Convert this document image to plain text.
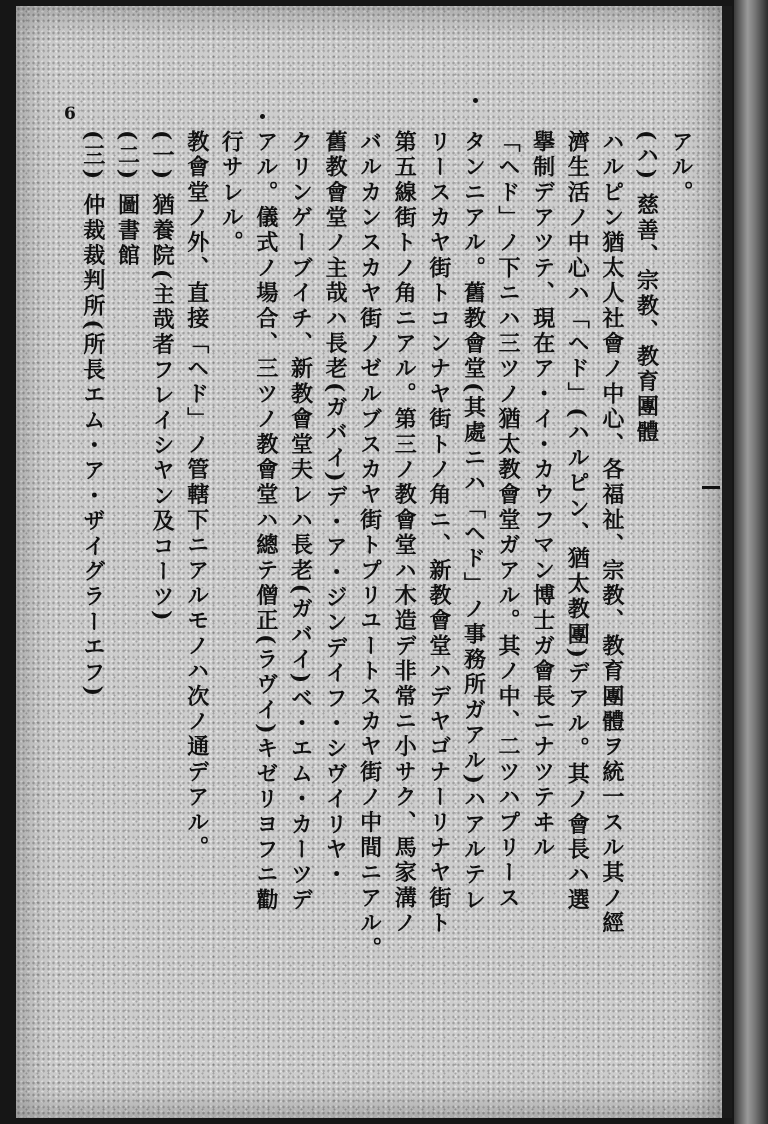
6

アル。

(ハ) 慈善、宗教、教育團體

ハルピン猶太人社會ノ中心、各福祉、宗教、教育團體ヲ統一スル其ノ經

濟生活ノ中心ハ「ヘド」(ハルピン、猶太教團)デアル。其ノ會長ハ選

擧制デアツテ、現在ア・イ・カウフマン博士ガ會長ニナツテヰル

「ヘド」ノ下ニハ三ツノ猶太教會堂ガアル。其ノ中、二ツハプリース

タンニアル。舊教會堂(其處ニハ「ヘド」ノ事務所ガアル)ハアルテレ

リースカヤ街トコンナヤ街トノ角ニ、新教會堂ハデヤゴナーリナヤ街ト

第五線街トノ角ニアル。第三ノ教會堂ハ木造デ非常ニ小サク、馬家溝ノ

バルカンスカヤ街ノゼルブスカヤ街トプリユートスカヤ街ノ中間ニアル。

舊教會堂ノ主哉ハ長老(ガバイ)デ・ア・ジンデイフ・シヴイリヤ・

クリンゲーブイチ、新教會堂夫レハ長老(ガバイ)ベ・エム・カーツデ

アル。儀式ノ場合、三ツノ教會堂ハ總テ僧正(ラヴイ)キゼリヨフニ勸

行サレル。

教會堂ノ外、直接「ヘド」ノ管轄下ニアルモノハ次ノ通デアル。

(一) 猶養院(主哉者フレイシヤン及コーツ)

(二) 圖書館

(三) 仲裁裁判所(所長エム・ア・ザイグラーエフ)
